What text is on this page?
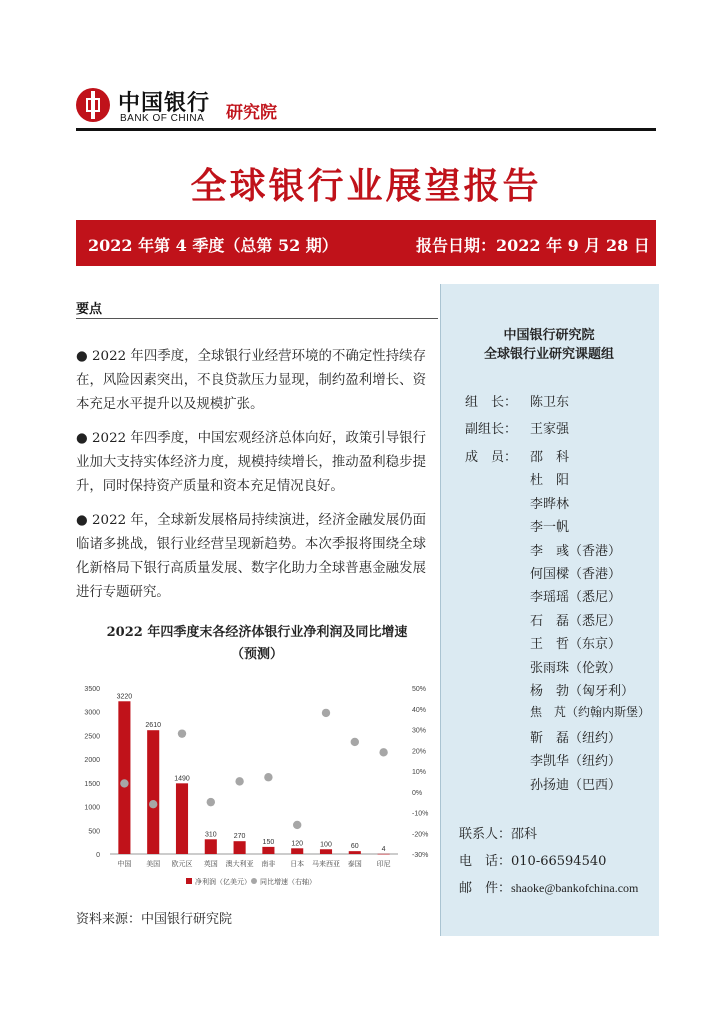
中国银行
BANK OF CHINA 研究院
全球银行业展望报告
2022 年第 4 季度（总第 52 期）	报告日期：2022 年 9 月 28 日
要点

● 2022 年四季度，全球银行业经营环境的不确定性持续存在，风险因素突出，不良贷款压力显现，制约盈利增长、资本充足水平提升以及规模扩张。

● 2022 年四季度，中国宏观经济总体向好，政策引导银行业加大支持实体经济力度，规模持续增长，推动盈利稳步提升，同时保持资产质量和资本充足情况良好。

● 2022 年，全球新发展格局持续演进，经济金融发展仍面临诸多挑战，银行业经营呈现新趋势。本次季报将围绕全球化新格局下银行高质量发展、数字化助力全球普惠金融发展进行专题研究。

2022 年四季度末各经济体银行业净利润及同比增速
（预测）
0
500
1000
1500
2000
2500
3000
3500
-30%
-20%
-10%
0%
10%
20%
30%
40%
50%
3220
中国
2610
美国
1490
欧元区
310
英国
270
澳大利亚
150
南非
120
日本
100
马来西亚
60
泰国
4
印尼
净利润（亿美元） 同比增速（右轴）
资料来源：中国银行研究院
中国银行研究院
全球银行业研究课题组
组　长： 陈卫东
副组长： 王家强
成　员： 邵　科
杜　阳
李晔林
李一帆
李　彧（香港）
何国樑（香港）
李瑶瑶（悉尼）
石　磊（悉尼）
王　哲（东京）
张雨珠（伦敦）
杨　勃（匈牙利）
焦　芃（约翰内斯堡）
靳　磊（纽约）
李凯华（纽约）
孙扬迪（巴西）
联系人：邵科
电　话：010-66594540
邮　件：shaoke@bankofchina.com
